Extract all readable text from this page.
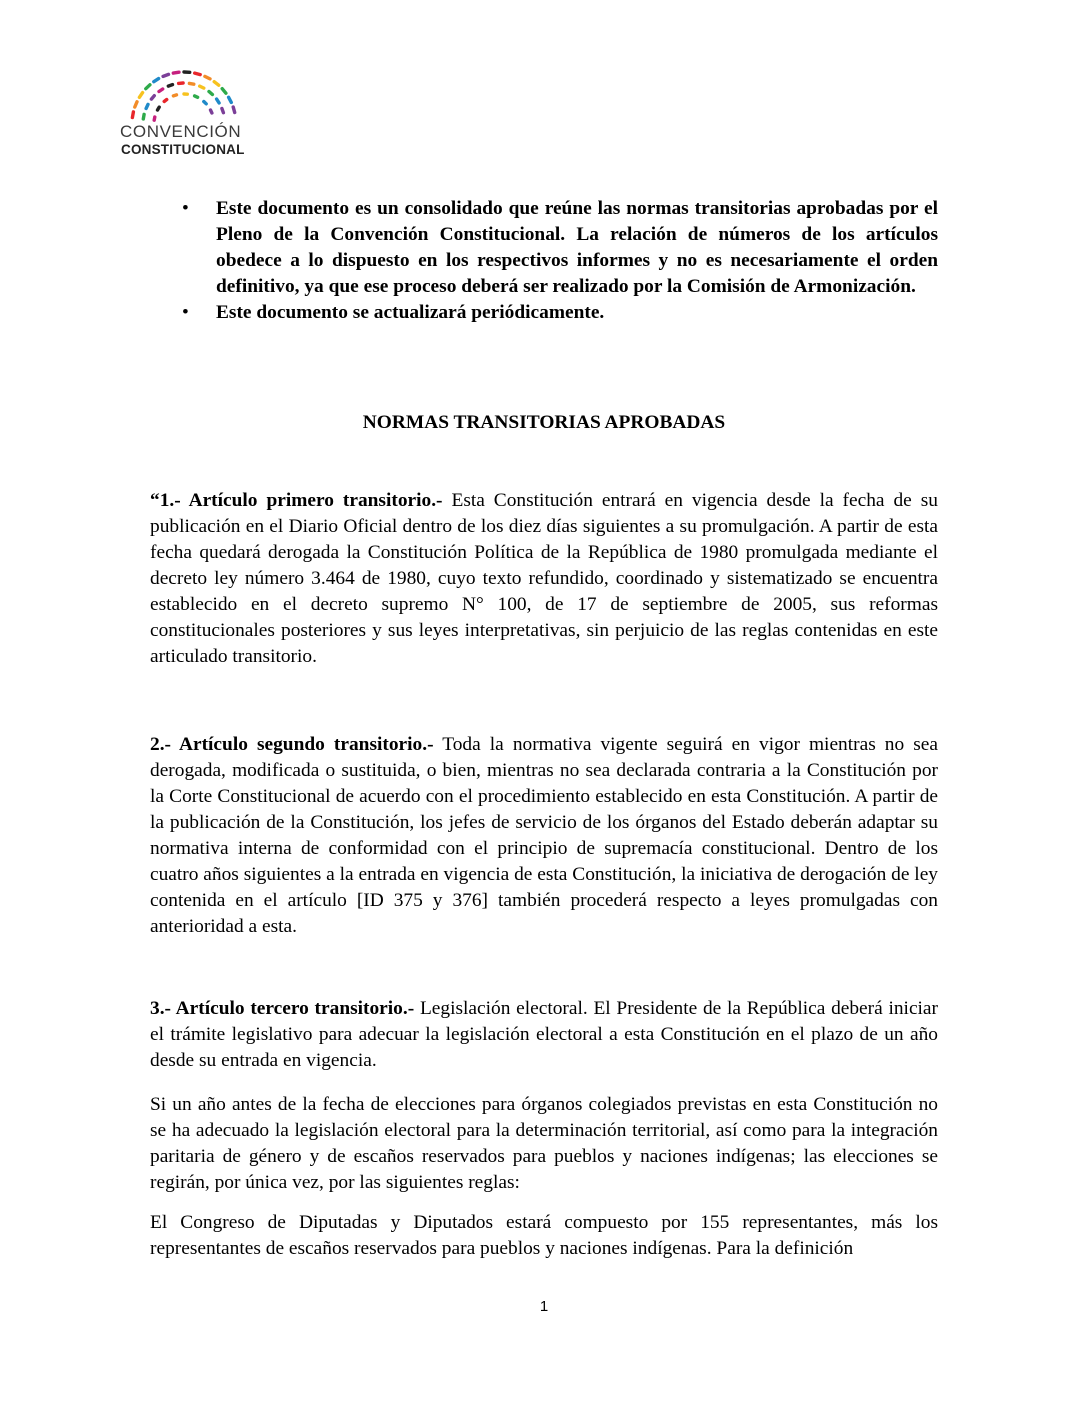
CONVENCIÓN
CONSTITUCIONAL
• Este documento es un consolidado que reúne las normas transitorias aprobadas por el Pleno de la Convención Constitucional. La relación de números de los artículos obedece a lo dispuesto en los respectivos informes y no es necesariamente el orden definitivo, ya que ese proceso deberá ser realizado por la Comisión de Armonización.
• Este documento se actualizará periódicamente.
NORMAS TRANSITORIAS APROBADAS

“1.- Artículo primero transitorio.- Esta Constitución entrará en vigencia desde la fecha de su publicación en el Diario Oficial dentro de los diez días siguientes a su promulgación. A partir de esta fecha quedará derogada la Constitución Política de la República de 1980 promulgada mediante el decreto ley número 3.464 de 1980, cuyo texto refundido, coordinado y sistematizado se encuentra establecido en el decreto supremo N° 100, de 17 de septiembre de 2005, sus reformas constitucionales posteriores y sus leyes interpretativas, sin perjuicio de las reglas contenidas en este articulado transitorio.

2.- Artículo segundo transitorio.- Toda la normativa vigente seguirá en vigor mientras no sea derogada, modificada o sustituida, o bien, mientras no sea declarada contraria a la Constitución por la Corte Constitucional de acuerdo con el procedimiento establecido en esta Constitución. A partir de la publicación de la Constitución, los jefes de servicio de los órganos del Estado deberán adaptar su normativa interna de conformidad con el principio de supremacía constitucional. Dentro de los cuatro años siguientes a la entrada en vigencia de esta Constitución, la iniciativa de derogación de ley contenida en el artículo [ID 375 y 376] también procederá respecto a leyes promulgadas con anterioridad a esta.

3.- Artículo tercero transitorio.- Legislación electoral. El Presidente de la República deberá iniciar el trámite legislativo para adecuar la legislación electoral a esta Constitución en el plazo de un año desde su entrada en vigencia.

Si un año antes de la fecha de elecciones para órganos colegiados previstas en esta Constitución no se ha adecuado la legislación electoral para la determinación territorial, así como para la integración paritaria de género y de escaños reservados para pueblos y naciones indígenas; las elecciones se regirán, por única vez, por las siguientes reglas:

El Congreso de Diputadas y Diputados estará compuesto por 155 representantes, más los representantes de escaños reservados para pueblos y naciones indígenas. Para la definición

1
